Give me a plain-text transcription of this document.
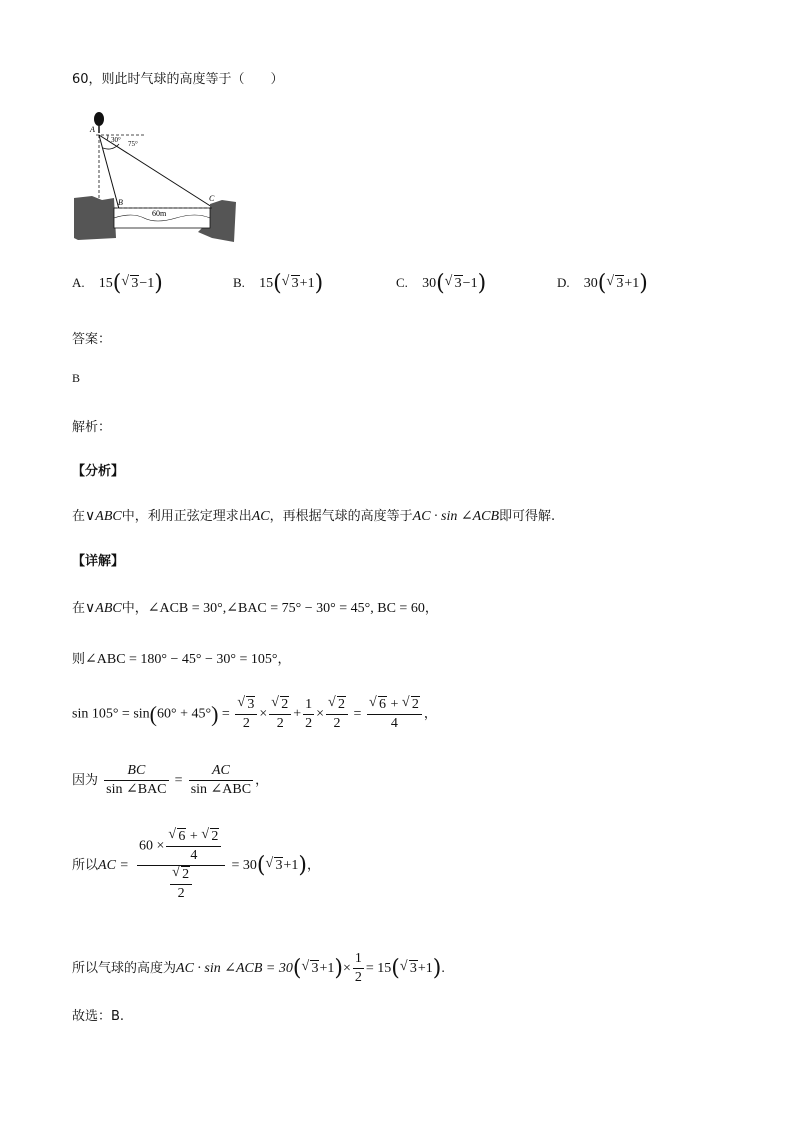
60，则此时气球的高度等于（　　）
A
B	C
30° 75°
60m
A. 15(√ 3−1)	B. 15(√ 3+1)	C. 30(√ 3−1)	D. 30(√ 3+1)
答案：
B
解析：
【分析】
在∨ABC中，利用正弦定理求出AC，再根据气球的高度等于AC · sin ∠ACB即可得解.
【详解】
在∨ABC中，∠ACB = 30°,∠BAC = 75° − 30° = 45°, BC = 60，
则∠ABC = 180° − 45° − 30° = 105°，
sin 105° = sin(60° + 45°) =
√ $\frac{3}{2}$ ×
√ $\frac{2}{2} + \frac{1}{2}$ ×
√ $\frac{2}{2}$ =
√ $\frac{6 + √ 2}{4}$ ，
因为 $\frac{BC}{\text{sin ∠BAC}} = \frac{AC}{\text{sin ∠ABC}}$ ，
所以AC = 60 ×
√ $\frac{6 + √ 2}{4}$
√ $\frac{2}{2} = 30(√$ 3+1)，
所以气球的高度为AC · sin ∠ACB = 30(√ $3+1)\times \frac{1}{2} = 15(√$ 3+1).
故选：B.
